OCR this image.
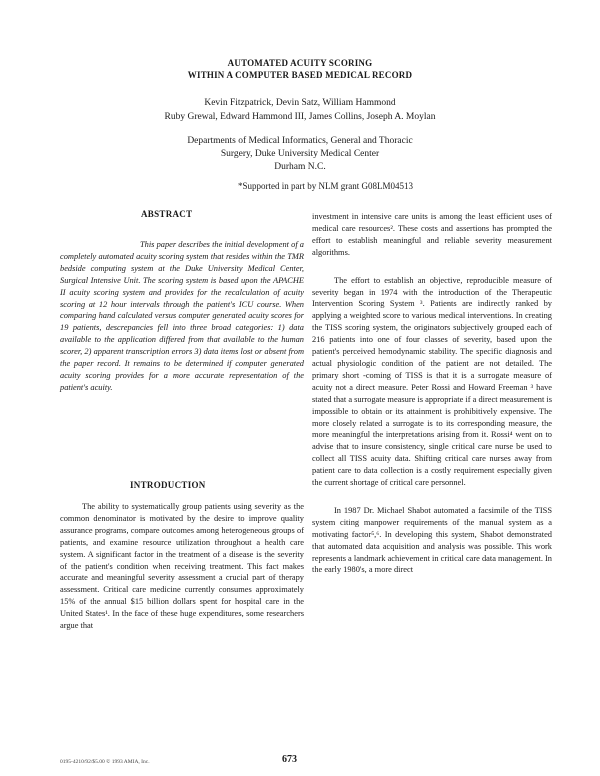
AUTOMATED ACUITY SCORING
WITHIN A COMPUTER BASED MEDICAL RECORD
Kevin Fitzpatrick, Devin Satz, William Hammond
Ruby Grewal, Edward Hammond III, James Collins, Joseph A. Moylan
Departments of Medical Informatics, General and Thoracic
Surgery, Duke University Medical Center
Durham N.C.
*Supported in part by NLM grant G08LM04513
ABSTRACT

This paper describes the initial development of a completely automated acuity scoring system that resides within the TMR bedside computing system at the Duke University Medical Center, Surgical Intensive Unit. The scoring system is based upon the APACHE II acuity scoring system and provides for the recalculation of acuity scoring at 12 hour intervals through the patient's ICU course. When comparing hand calculated versus computer generated acuity scores for 19 patients, descrepancies fell into three broad categories: 1) data available to the application differed from that available to the human scorer, 2) apparent transcription errors 3) data items lost or absent from the paper record. It remains to be determined if computer generated acuity scoring provides for a more accurate representation of the patient's acuity.

INTRODUCTION

The ability to systematically group patients using severity as the common denominator is motivated by the desire to improve quality assurance programs, compare outcomes among heterogeneous groups of patients, and examine resource utilization throughout a health care system. A significant factor in the treatment of a disease is the severity of the patient's condition when receiving treatment. This fact makes accurate and meaningful severity assessment a crucial part of therapy assessment. Critical care medicine currently consumes approximately 15% of the annual $15 billion dollars spent for hospital care in the United States¹. In the face of these huge expenditures, some researchers argue that

investment in intensive care units is among the least efficient uses of medical care resources². These costs and assertions has prompted the effort to establish meaningful and reliable severity measurement algorithms.

The effort to establish an objective, reproducible measure of severity began in 1974 with the introduction of the Therapeutic Intervention Scoring System ³. Patients are indirectly ranked by applying a weighted score to various medical interventions. In creating the TISS scoring system, the originators subjectively grouped each of 216 patients into one of four classes of severity, based upon the patient's perceived hemodynamic stability. The specific diagnosis and actual physiologic condition of the patient are not detailed. The primary short -coming of TISS is that it is a surrogate measure of acuity not a direct measure. Peter Rossi and Howard Freeman ³ have stated that a surrogate measure is appropriate if a direct measurement is impossible to obtain or its attainment is prohibitively expensive. The more closely related a surrogate is to its corresponding measure, the more meaningful the interpretations arising from it. Rossi⁴ went on to advise that to insure consistency, single critical care nurse be used to collect all TISS acuity data. Shifting critical care nurses away from patient care to data collection is a costly requirement especially given the current shortage of critical care personnel.

In 1987 Dr. Michael Shabot automated a facsimile of the TISS system citing manpower requirements of the manual system as a motivating factor⁵,⁶. In developing this system, Shabot demonstrated that automated data acquisition and analysis was possible. This work represents a landmark achievement in critical care data management. In the early 1980's, a more direct

0195-4210/92/$5.00 © 1993 AMIA, Inc.	673
